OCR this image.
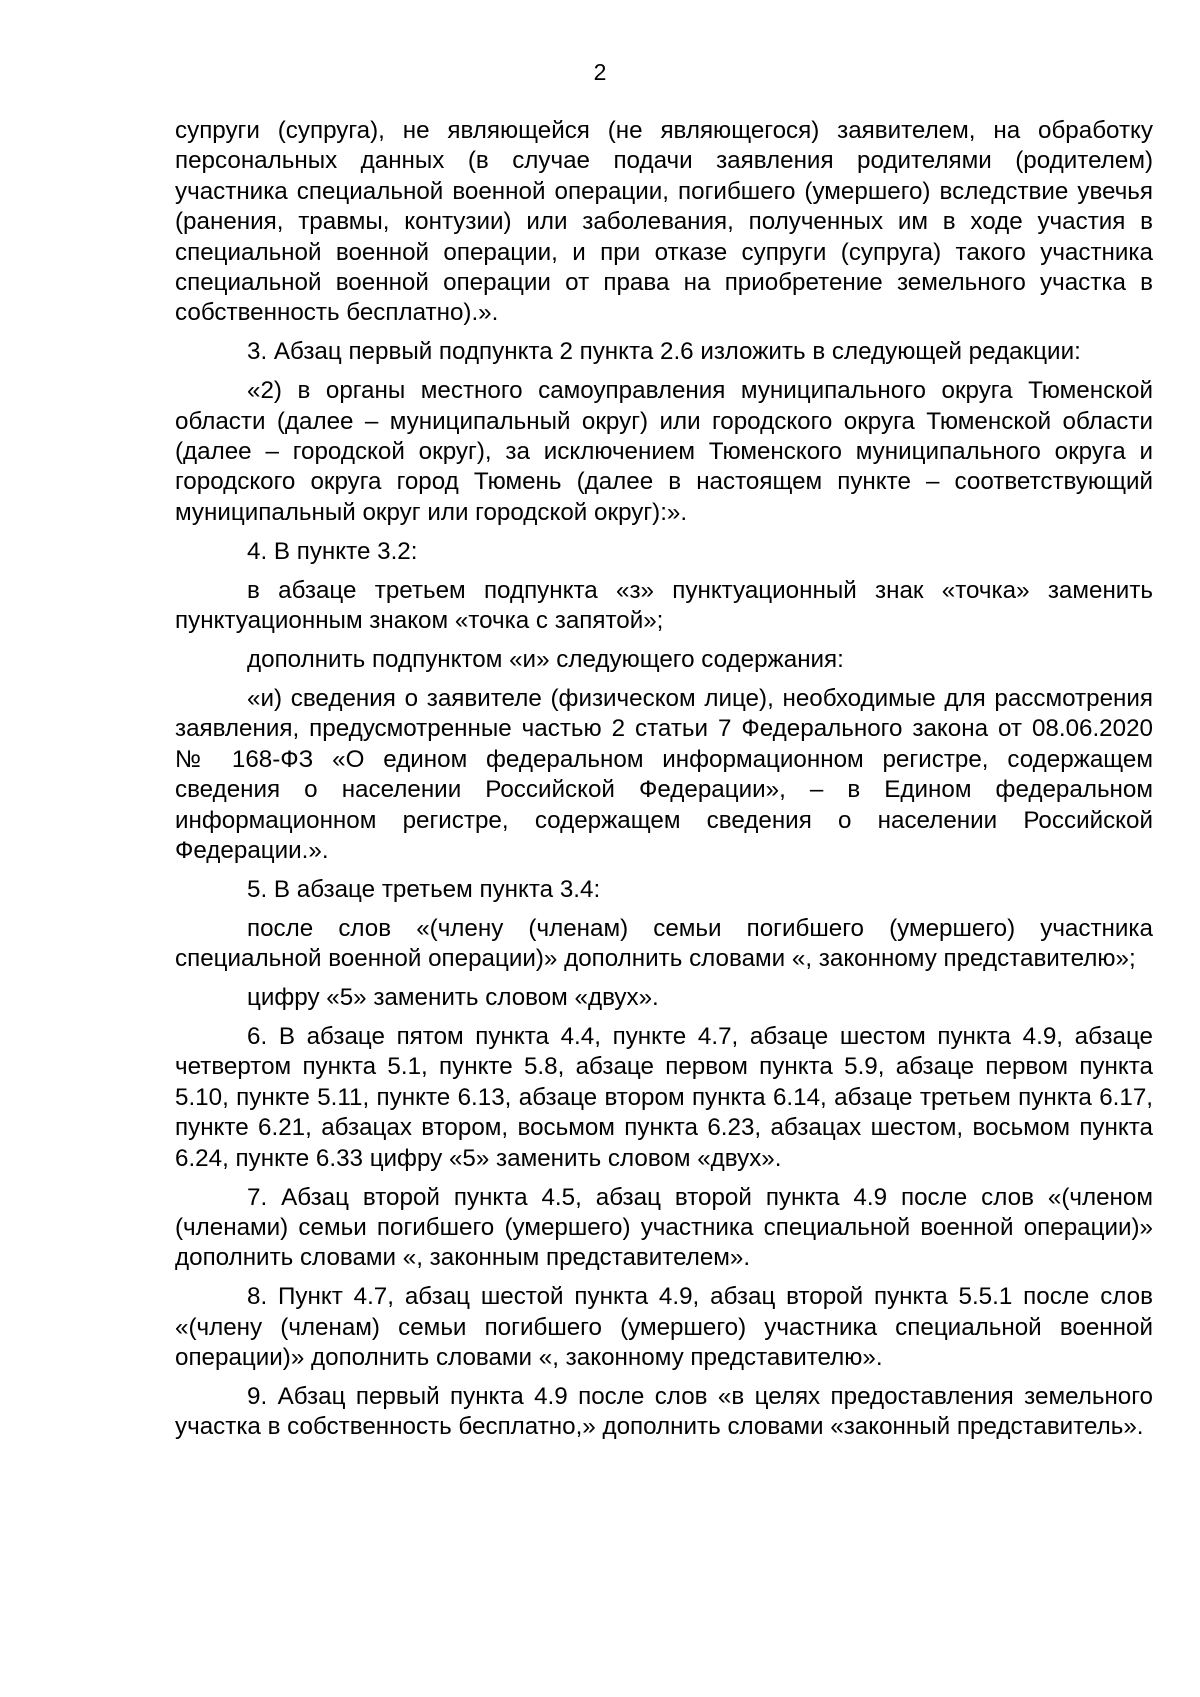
2

супруги (супруга), не являющейся (не являющегося) заявителем, на обработку персональных данных (в случае подачи заявления родителями (родителем) участника специальной военной операции, погибшего (умершего) вследствие увечья (ранения, травмы, контузии) или заболевания, полученных им в ходе участия в специальной военной операции, и при отказе супруги (супруга) такого участника специальной военной операции от права на приобретение земельного участка в собственность бесплатно).».

3. Абзац первый подпункта 2 пункта 2.6 изложить в следующей редакции:

«2) в органы местного самоуправления муниципального округа Тюменской области (далее – муниципальный округ) или городского округа Тюменской области (далее – городской округ), за исключением Тюменского муниципального округа и городского округа город Тюмень (далее в настоящем пункте – соответствующий муниципальный округ или городской округ):».

4. В пункте 3.2:

в абзаце третьем подпункта «з» пунктуационный знак «точка» заменить пунктуационным знаком «точка с запятой»;

дополнить подпунктом «и» следующего содержания:

«и) сведения о заявителе (физическом лице), необходимые для рассмотрения заявления, предусмотренные частью 2 статьи 7 Федерального закона от 08.06.2020 № 168-ФЗ «О едином федеральном информационном регистре, содержащем сведения о населении Российской Федерации», – в Едином федеральном информационном регистре, содержащем сведения о населении Российской Федерации.».

5. В абзаце третьем пункта 3.4:

после слов «(члену (членам) семьи погибшего (умершего) участника специальной военной операции)» дополнить словами «, законному представителю»;

цифру «5» заменить словом «двух».

6. В абзаце пятом пункта 4.4, пункте 4.7, абзаце шестом пункта 4.9, абзаце четвертом пункта 5.1, пункте 5.8, абзаце первом пункта 5.9, абзаце первом пункта 5.10, пункте 5.11, пункте 6.13, абзаце втором пункта 6.14, абзаце третьем пункта 6.17, пункте 6.21, абзацах втором, восьмом пункта 6.23, абзацах шестом, восьмом пункта 6.24, пункте 6.33 цифру «5» заменить словом «двух».

7. Абзац второй пункта 4.5, абзац второй пункта 4.9 после слов «(членом (членами) семьи погибшего (умершего) участника специальной военной операции)» дополнить словами «, законным представителем».

8. Пункт 4.7, абзац шестой пункта 4.9, абзац второй пункта 5.5.1 после слов «(члену (членам) семьи погибшего (умершего) участника специальной военной операции)» дополнить словами «, законному представителю».

9. Абзац первый пункта 4.9 после слов «в целях предоставления земельного участка в собственность бесплатно,» дополнить словами «законный представитель».
